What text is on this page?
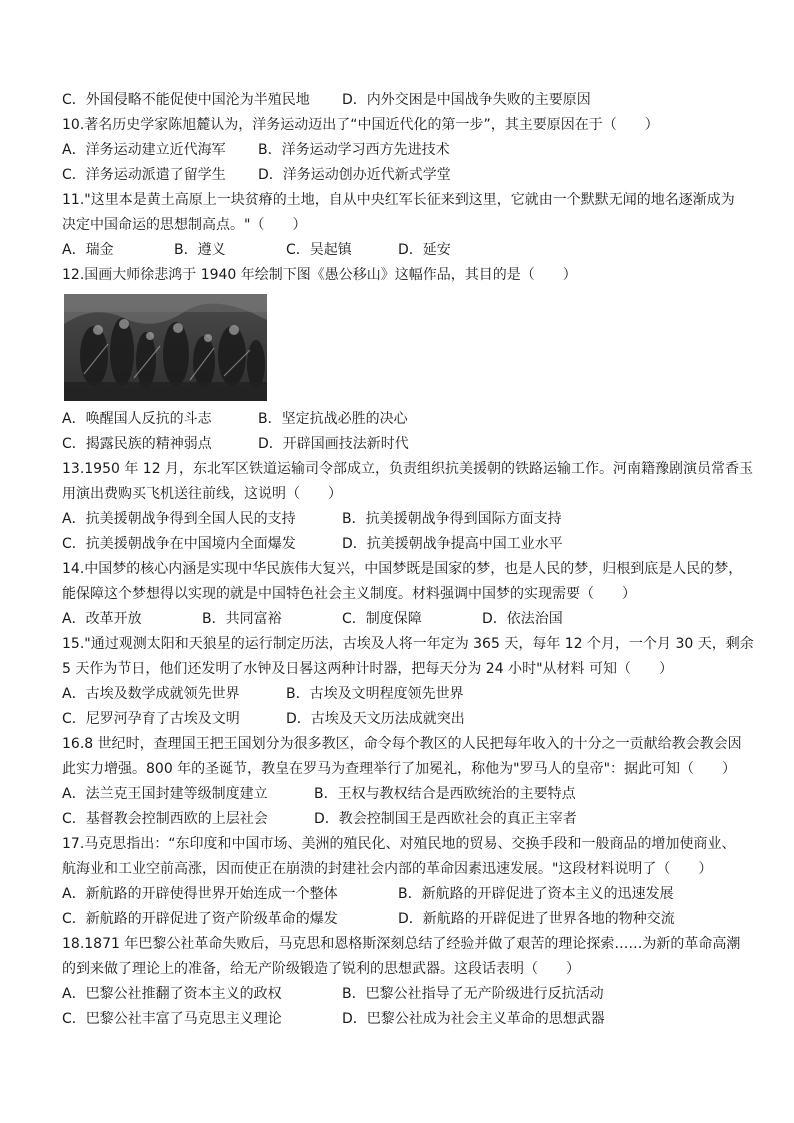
C．外国侵略不能促使中国沦为半殖民地	D．内外交困是中国战争失败的主要原因
10.著名历史学家陈旭麓认为，洋务运动迈出了“中国近代化的第一步”，其主要原因在于（　　）
A．洋务运动建立近代海军	B．洋务运动学习西方先进技术
C．洋务运动派遣了留学生	D．洋务运动创办近代新式学堂
11."这里本是黄土高原上一块贫瘠的土地，自从中央红军长征来到这里，它就由一个默默无闻的地名逐渐成为
决定中国命运的思想制高点。"（　　）
A．瑞金	B．遵义	C．吴起镇	D．延安
12.国画大师徐悲鸿于 1940 年绘制下图《愚公移山》这幅作品，其目的是（　　）
A．唤醒国人反抗的斗志	B．坚定抗战必胜的决心
C．揭露民族的精神弱点	D．开辟国画技法新时代
13.1950 年 12 月，东北军区铁道运输司令部成立，负责组织抗美援朝的铁路运输工作。河南籍豫剧演员常香玉
用演出费购买飞机送往前线，这说明（　　）
A．抗美援朝战争得到全国人民的支持	B．抗美援朝战争得到国际方面支持
C．抗美援朝战争在中国境内全面爆发	D．抗美援朝战争提高中国工业水平
14.中国梦的核心内涵是实现中华民族伟大复兴，中国梦既是国家的梦，也是人民的梦，归根到底是人民的梦，
能保障这个梦想得以实现的就是中国特色社会主义制度。材料强调中国梦的实现需要（　　）
A．改革开放	B．共同富裕	C．制度保障	D．依法治国
15."通过观测太阳和天狼星的运行制定历法，古埃及人将一年定为 365 天，每年 12 个月，一个月 30 天，剩余
5 天作为节日，他们还发明了水钟及日晷这两种计时器，把每天分为 24 小时"从材料 可知（　　）
A．古埃及数学成就领先世界	B．古埃及文明程度领先世界
C．尼罗河孕育了古埃及文明	D．古埃及天文历法成就突出
16.8 世纪时，查理国王把王国划分为很多教区，命令每个教区的人民把每年收入的十分之一贡献给教会教会因
此实力增强。800 年的圣诞节，教皇在罗马为查理举行了加冕礼，称他为"罗马人的皇帝"：据此可知（　　）
A．法兰克王国封建等级制度建立	B．王权与教权结合是西欧统治的主要特点
C．基督教会控制西欧的上层社会	D．教会控制国王是西欧社会的真正主宰者
17.马克思指出：“东印度和中国市场、美洲的殖民化、对殖民地的贸易、交换手段和一般商品的增加使商业、
航海业和工业空前高涨，因而使正在崩溃的封建社会内部的革命因素迅速发展。"这段材料说明了（　　）
A．新航路的开辟使得世界开始连成一个整体	B．新航路的开辟促进了资本主义的迅速发展
C．新航路的开辟促进了资产阶级革命的爆发	D．新航路的开辟促进了世界各地的物种交流
18.1871 年巴黎公社革命失败后，马克思和恩格斯深刻总结了经验并做了艰苦的理论探索……为新的革命高潮
的到来做了理论上的准备，给无产阶级锻造了锐利的思想武器。这段话表明（　　）
A．巴黎公社推翻了资本主义的政权	B．巴黎公社指导了无产阶级进行反抗活动
C．巴黎公社丰富了马克思主义理论	D．巴黎公社成为社会主义革命的思想武器
